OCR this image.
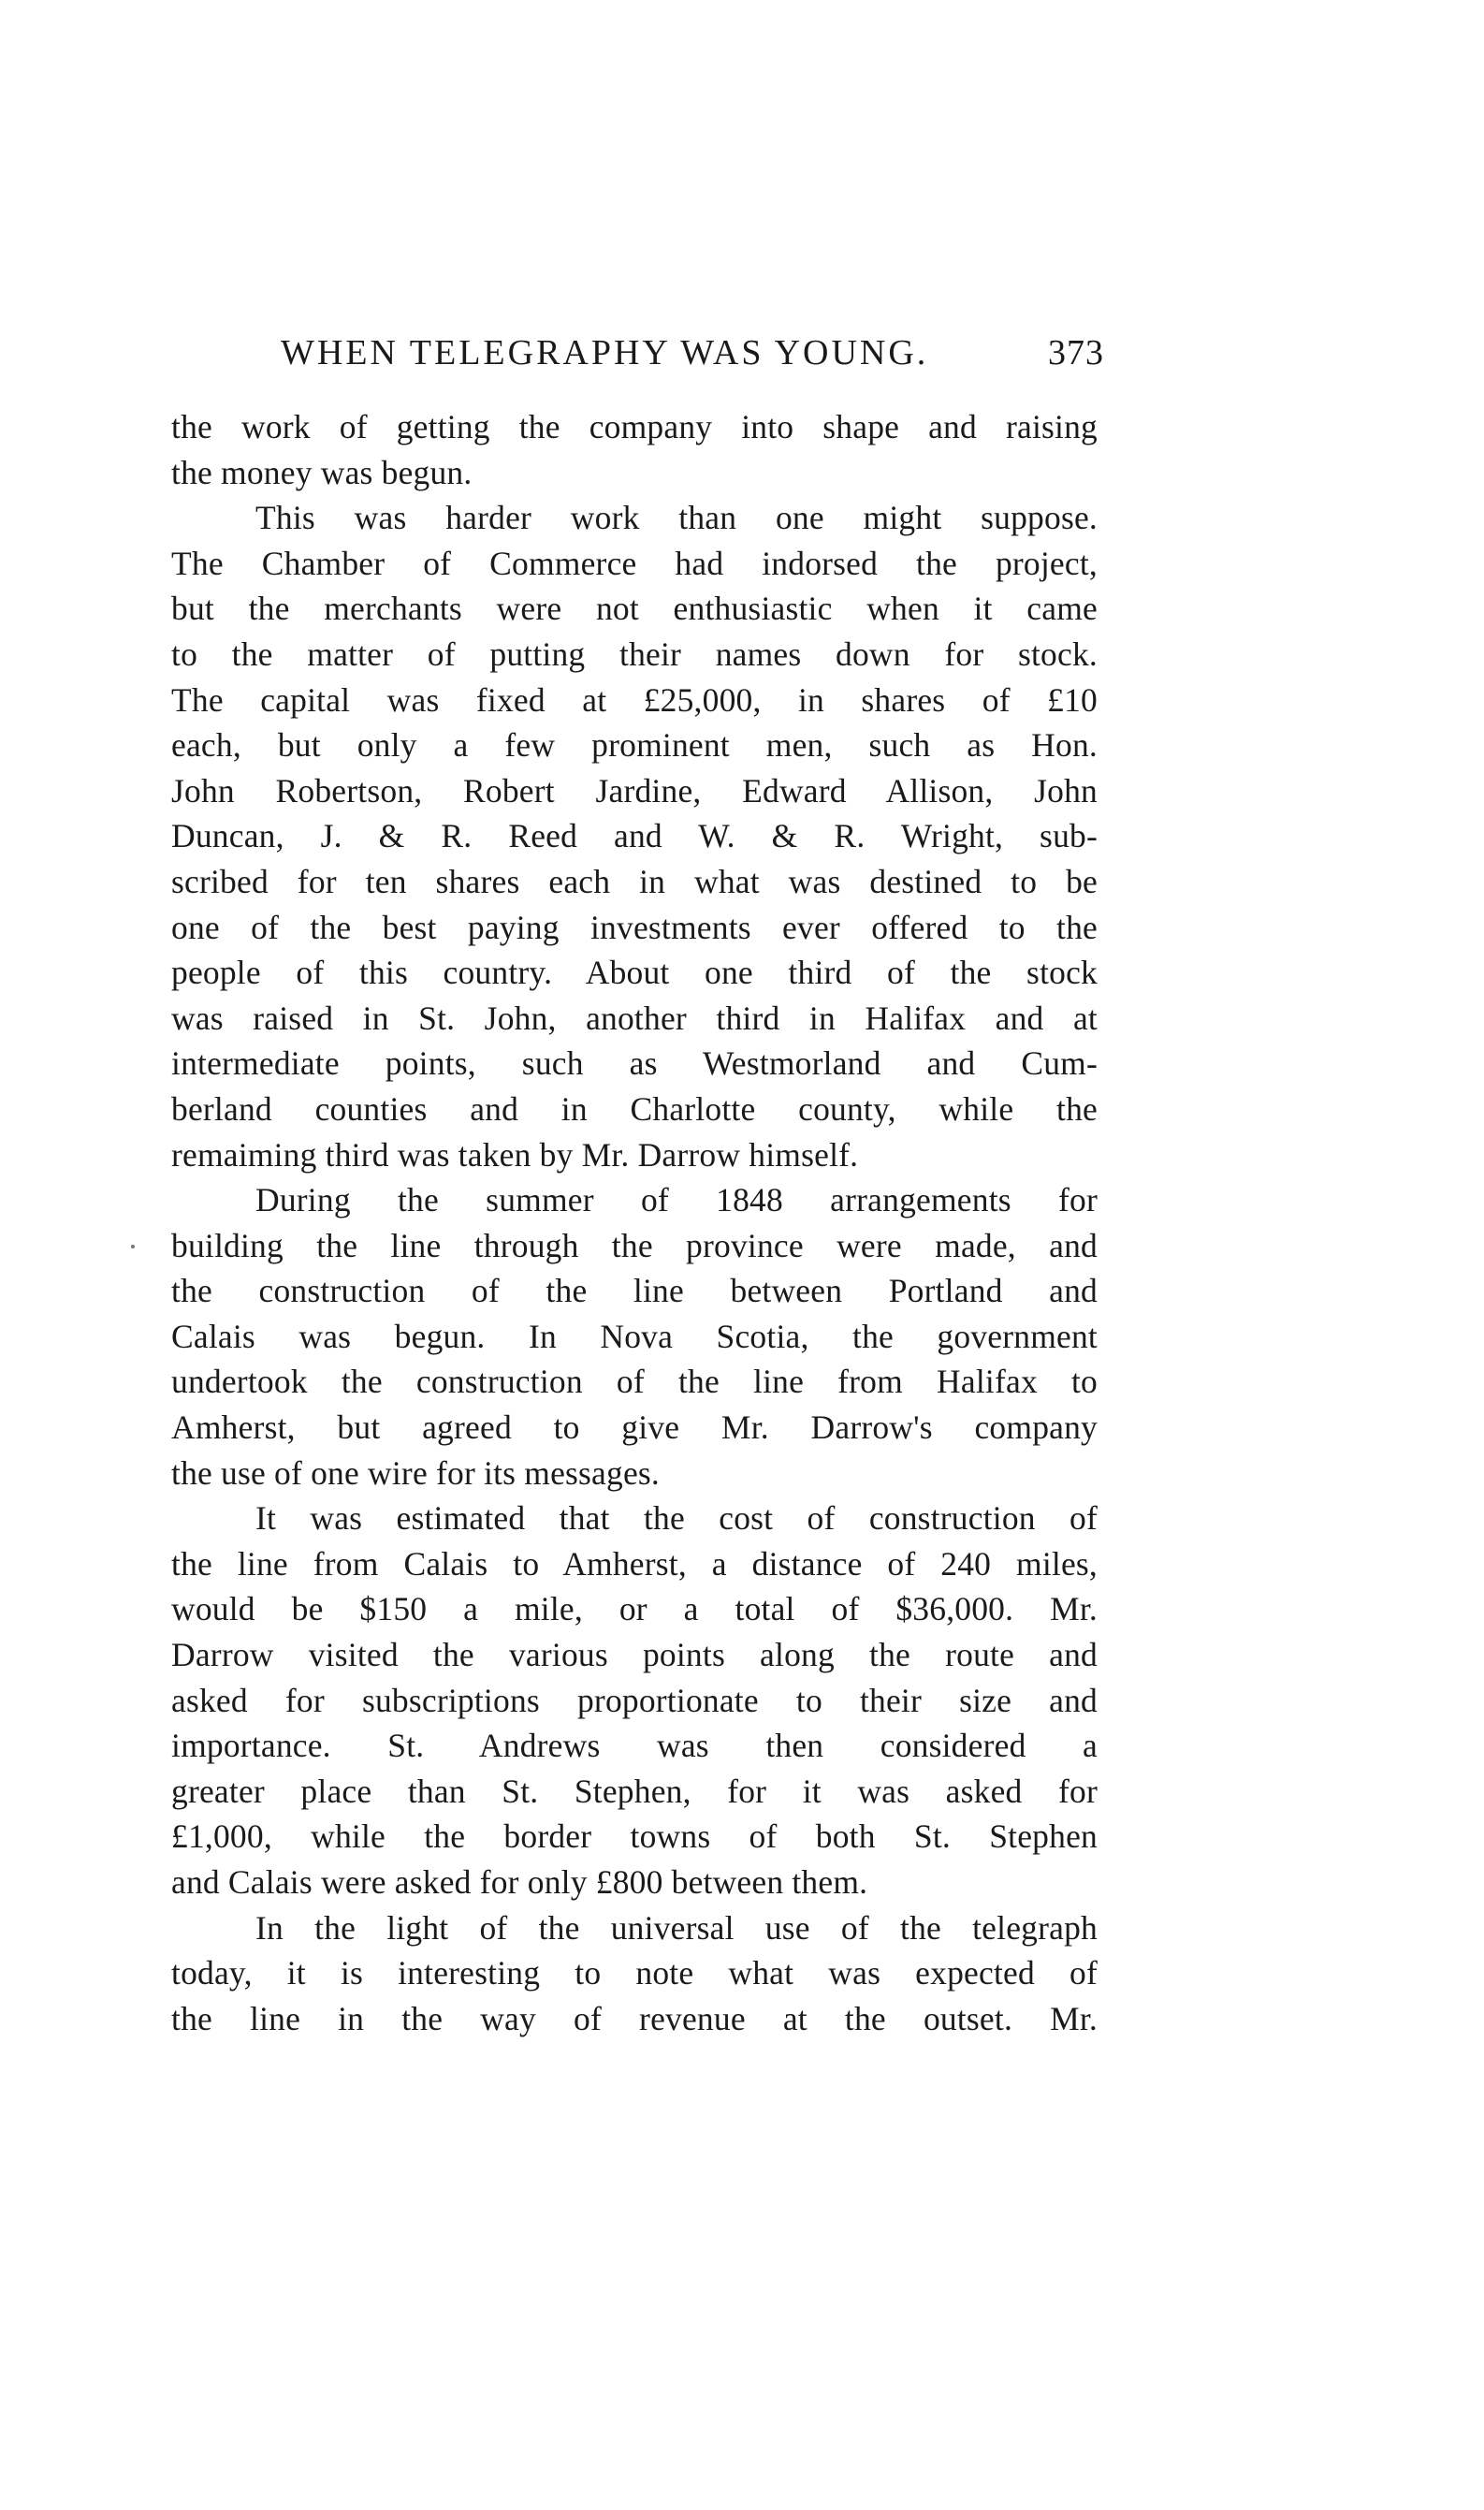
WHEN TELEGRAPHY WAS YOUNG.	373
the work of getting the company into shape and raising
the money was begun.
This was harder work than one might suppose.
The Chamber of Commerce had indorsed the project,
but the merchants were not enthusiastic when it came
to the matter of putting their names down for stock.
The capital was fixed at £25,000, in shares of £10
each, but only a few prominent men, such as Hon.
John Robertson, Robert Jardine, Edward Allison, John
Duncan, J. & R. Reed and W. & R. Wright, sub-
scribed for ten shares each in what was destined to be
one of the best paying investments ever offered to the
people of this country. About one third of the stock
was raised in St. John, another third in Halifax and at
intermediate points, such as Westmorland and Cum-
berland counties and in Charlotte county, while the
remaiming third was taken by Mr. Darrow himself.
During the summer of 1848 arrangements for
building the line through the province were made, and
the construction of the line between Portland and
Calais was begun. In Nova Scotia, the government
undertook the construction of the line from Halifax to
Amherst, but agreed to give Mr. Darrow's company
the use of one wire for its messages.
It was estimated that the cost of construction of
the line from Calais to Amherst, a distance of 240 miles,
would be $150 a mile, or a total of $36,000. Mr.
Darrow visited the various points along the route and
asked for subscriptions proportionate to their size and
importance. St. Andrews was then considered a
greater place than St. Stephen, for it was asked for
£1,000, while the border towns of both St. Stephen
and Calais were asked for only £800 between them.
In the light of the universal use of the telegraph
today, it is interesting to note what was expected of
the line in the way of revenue at the outset. Mr.
